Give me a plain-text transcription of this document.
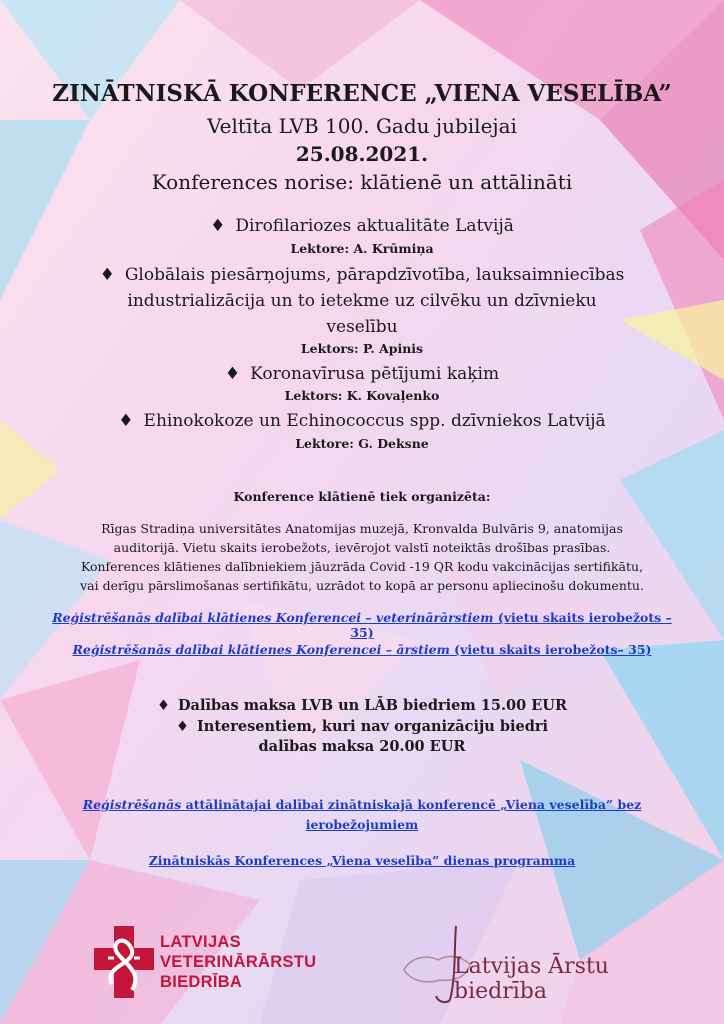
ZINĀTNISKĀ KONFERENCE „VIENA VESELĪBA”
Veltīta LVB 100. Gadu jubilejai
25.08.2021.
Konferences norise: klātienē un attālināti
♦ Dirofilariozes aktualitāte Latvijā
Lektore: A. Krūmiņa
♦ Globālais piesārņojums, pārapdzīvotība, lauksaimniecības
industrializācija un to ietekme uz cilvēku un dzīvnieku
veselību
Lektors: P. Apinis
♦ Koronavīrusa pētījumi kaķim
Lektors: K. Kovaļenko
♦ Ehinokokoze un Echinococcus spp. dzīvniekos Latvijā
Lektore: G. Deksne
Konference klātienē tiek organizēta:
Rīgas Stradiņa universitātes Anatomijas muzejā, Kronvalda Bulvāris 9, anatomijas auditorijā. Vietu skaits ierobežots, ievērojot valstī noteiktās drošības prasības. Konferences klātienes dalībniekiem jāuzrāda Covid -19 QR kodu vakcinācijas sertifikātu, vai derīgu pārslimošanas sertifikātu, uzrādot to kopā ar personu apliecinošu dokumentu.
Reģistrēšanās dalībai klātienes Konferencei – veterinārārstiem (vietu skaits ierobežots – 35)
Reģistrēšanās dalībai klātienes Konferencei – ārstiem (vietu skaits ierobežots– 35)
♦ Dalības maksa LVB un LĀB biedriem 15.00 EUR
♦ Interesentiem, kuri nav organizāciju biedri
dalības maksa 20.00 EUR
Reģistrēšanās attālinātajai dalībai zinātniskajā konferencē „Viena veselība” bez
ierobežojumiem
Zinātniskās Konferences „Viena veselība” dienas programma
LATVIJAS
VETERINĀRĀRSTU
BIEDRĪBA
Latvijas Ārstu biedrība
